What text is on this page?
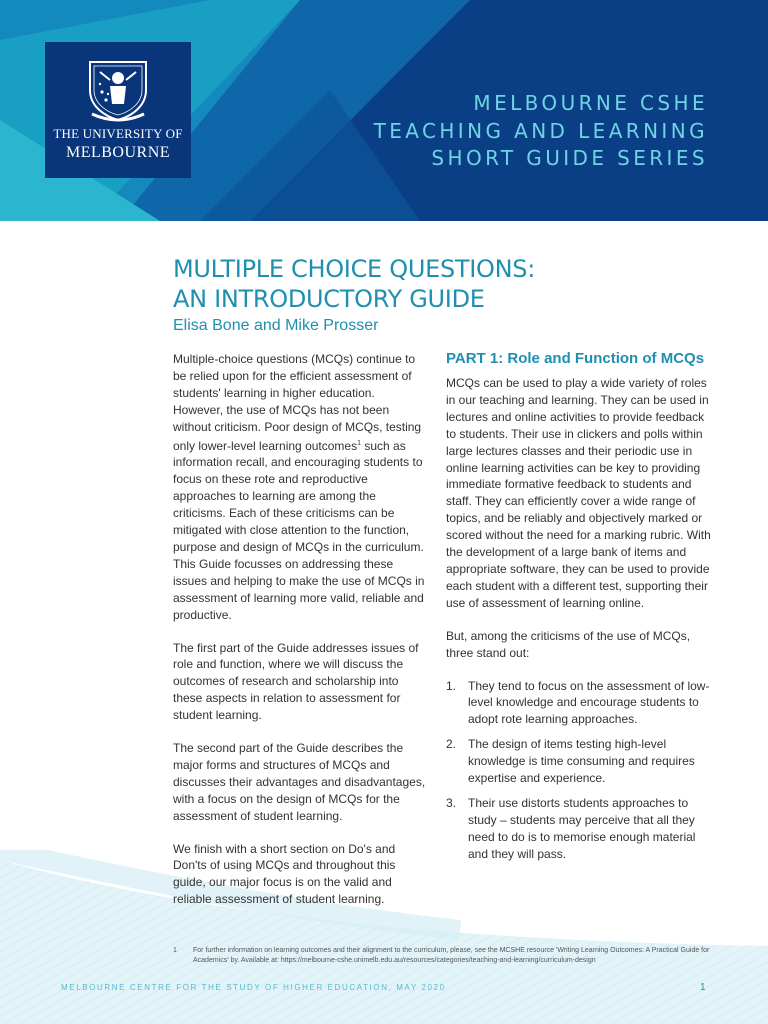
THE UNIVERSITY OF
MELBOURNE
MELBOURNE CSHE
TEACHING AND LEARNING
SHORT GUIDE SERIES
MULTIPLE CHOICE QUESTIONS:
AN INTRODUCTORY GUIDE
Elisa Bone and Mike Prosser

Multiple-choice questions (MCQs) continue to be relied upon for the efficient assessment of students' learning in higher education. However, the use of MCQs has not been without criticism. Poor design of MCQs, testing only lower-level learning outcomes$^1$ such as information recall, and encouraging students to focus on these rote and reproductive approaches to learning are among the criticisms. Each of these criticisms can be mitigated with close attention to the function, purpose and design of MCQs in the curriculum. This Guide focusses on addressing these issues and helping to make the use of MCQs in assessment of learning more valid, reliable and productive.

The first part of the Guide addresses issues of role and function, where we will discuss the outcomes of research and scholarship into these aspects in relation to assessment for student learning.

The second part of the Guide describes the major forms and structures of MCQs and discusses their advantages and disadvantages, with a focus on the design of MCQs for the assessment of student learning.

We finish with a short section on Do's and Don'ts of using MCQs and throughout this guide, our major focus is on the valid and reliable assessment of student learning.

PART 1: Role and Function of MCQs

MCQs can be used to play a wide variety of roles in our teaching and learning. They can be used in lectures and online activities to provide feedback to students. Their use in clickers and polls within large lectures classes and their periodic use in online learning activities can be key to providing immediate formative feedback to students and staff. They can efficiently cover a wide range of topics, and be reliably and objectively marked or scored without the need for a marking rubric. With the development of a large bank of items and appropriate software, they can be used to provide each student with a different test, supporting their use of assessment of learning online.

But, among the criticisms of the use of MCQs, three stand out:

1. They tend to focus on the assessment of low-level knowledge and encourage students to adopt rote learning approaches.
2. The design of items testing high-level knowledge is time consuming and requires expertise and experience.
3. Their use distorts students approaches to study – students may perceive that all they need to do is to memorise enough material and they will pass.
1 For further information on learning outcomes and their alignment to the curriculum, please, see the MCSHE resource 'Writing Learning Outcomes: A Practical Guide for Academics' by. Available at: https://melbourne-cshe.unimelb.edu.au/resources/categories/teaching-and-learning/curriculum-design
MELBOURNE CENTRE FOR THE STUDY OF HIGHER EDUCATION, MAY 2020	1
